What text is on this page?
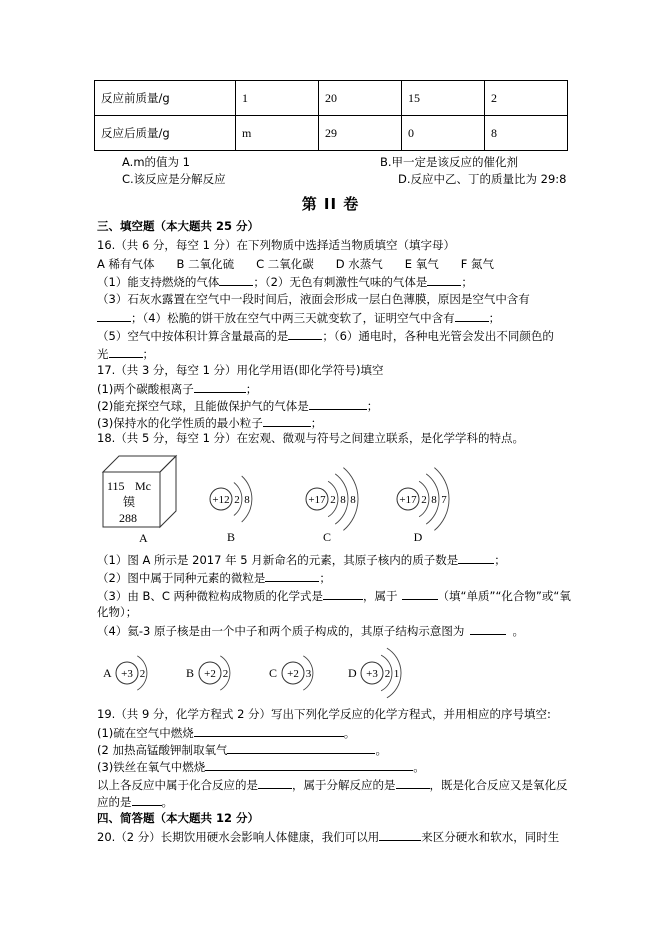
反应前质量/g	1	20	15	2
反应后质量/g	m	29	0	8
A.m的值为 1	B.甲一定是该反应的催化剂
C.该反应是分解反应	D.反应中乙、丁的质量比为 29:8
第 II 卷
三、填空题（本大题共 25 分）
16.（共 6 分，每空 1 分）在下列物质中选择适当物质填空（填字母）
A 稀有气体 B 二氧化硫 C 二氧化碳 D 水蒸气 E 氧气 F 氮气
（1）能支持燃烧的气体	；（2）无色有刺激性气味的气体是	；
（3）石灰水露置在空气中一段时间后，液面会形成一层白色薄膜，原因是空气中含有
；（4）松脆的饼干放在空气中两三天就变软了，证明空气中含有	；
（5）空气中按体积计算含量最高的是	；（6）通电时，各种电光管会发出不同颜色的
光	；
17.（共 3 分，每空 1 分）用化学用语(即化学符号)填空
(1)两个碳酸根离子	；
(2)能充探空气球，且能做保护气的气体是	；
(3)保持水的化学性质的最小粒子	；
18.（共 5 分，每空 1 分）在宏观、微观与符号之间建立联系，是化学学科的特点。
115 Mc
镆
288
A
+12 2 8
B
+17 2 8 8
C
+17 2 8 7
D
（1）图 A 所示是 2017 年 5 月新命名的元素，其原子核内的质子数是	；
（2）图中属于同种元素的微粒是	；
（3）由 B、C 两种微粒构成物质的化学式是	，属于	（填“单质”“化合物”或“氧
化物）；
（4）氦-3 原子核是由一个中子和两个质子构成的，其原子结构示意图为	。
A +3 2	B +2 2	C +2 3	D +3 2 1
19.（共 9 分，化学方程式 2 分）写出下列化学反应的化学方程式，并用相应的序号填空:
(1)硫在空气中燃烧	。
(2 加热高锰酸钾制取氧气	。
(3)铁丝在氧气中燃烧	。
以上各反应中属于化合反应的是	，属于分解反应的是	，既是化合反应又是氧化反
应的是	。
四、简答题（本大题共 12 分）
20.（2 分）长期饮用硬水会影响人体健康，我们可以用	来区分硬水和软水，同时生
